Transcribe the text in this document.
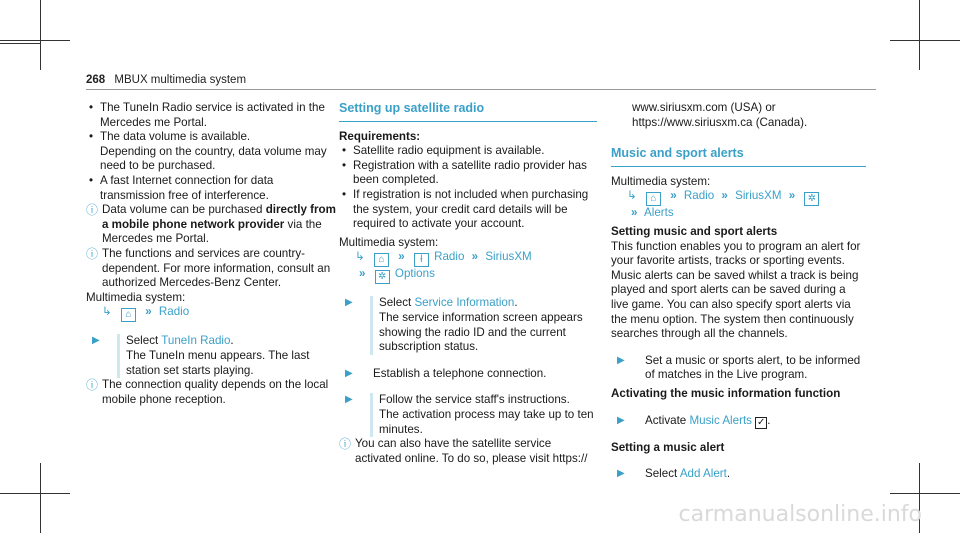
268 MBUX multimedia system
• The TuneIn Radio service is activated in the Mercedes me Portal.
• The data volume is available.
Depending on the country, data volume may need to be purchased.
• A fast Internet connection for data transmission free of interference.
ⓘ Data volume can be purchased directly from a mobile phone network provider via the Mercedes me Portal.
ⓘ The functions and services are country-dependent. For more information, consult an authorized Mercedes-Benz Center.
Multimedia system:
↳ ⌂ » Radio
▶	Select TuneIn Radio.
The TuneIn menu appears. The last station set starts playing.
ⓘ The connection quality depends on the local mobile phone reception.
Setting up satellite radio
Requirements:
• Satellite radio equipment is available.
• Registration with a satellite radio provider has been completed.
• If registration is not included when purchasing the system, your credit card details will be required to activate your account.
Multimedia system:
↳ ⌂ » ł Radio » SiriusXM
» ✲ Options
▶	Select Service Information.
The service information screen appears showing the radio ID and the current subscription status.
▶ Establish a telephone connection.
▶ Follow the service staff's instructions.
The activation process may take up to ten minutes.
ⓘ You can also have the satellite service activated online. To do so, please visit https://
www.siriusxm.com (USA) or https://www.siriusxm.ca (Canada).
Music and sport alerts
Multimedia system:
↳ ⌂ » Radio » SiriusXM » ✲
» Alerts
Setting music and sport alerts
This function enables you to program an alert for your favorite artists, tracks or sporting events. Music alerts can be saved whilst a track is being played and sport alerts can be saved during a live game. You can also specify sport alerts via the menu option. The system then continuously searches through all the channels.
▶ Set a music or sports alert, to be informed of matches in the Live program.
Activating the music information function
▶ Activate Music Alerts ✓ .
Setting a music alert
▶ Select Add Alert.
carmanualsonline.info
